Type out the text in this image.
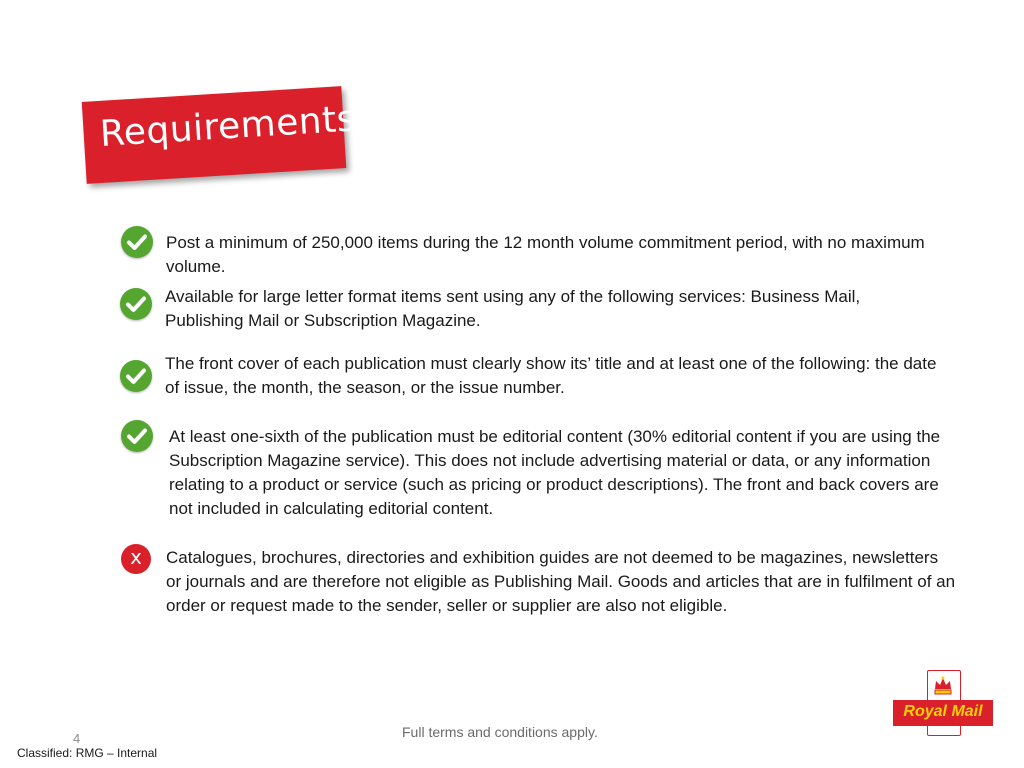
Requirements
Post a minimum of 250,000 items during the 12 month volume commitment period, with no maximum volume.
Available for large letter format items sent using any of the following services: Business Mail, Publishing Mail or Subscription Magazine.
The front cover of each publication must clearly show its’ title and at least one of the following: the date of issue, the month, the season, or the issue number.
At least one-sixth of the publication must be editorial content (30% editorial content if you are using the Subscription Magazine service). This does not include advertising material or data, or any information relating to a product or service (such as pricing or product descriptions). The front and back covers are not included in calculating editorial content.
x	Catalogues, brochures, directories and exhibition guides are not deemed to be magazines, newsletters or journals and are therefore not eligible as Publishing Mail. Goods and articles that are in fulfilment of an order or request made to the sender, seller or supplier are also not eligible.
Full terms and conditions apply.
4
Classified: RMG – Internal
Royal Mail
